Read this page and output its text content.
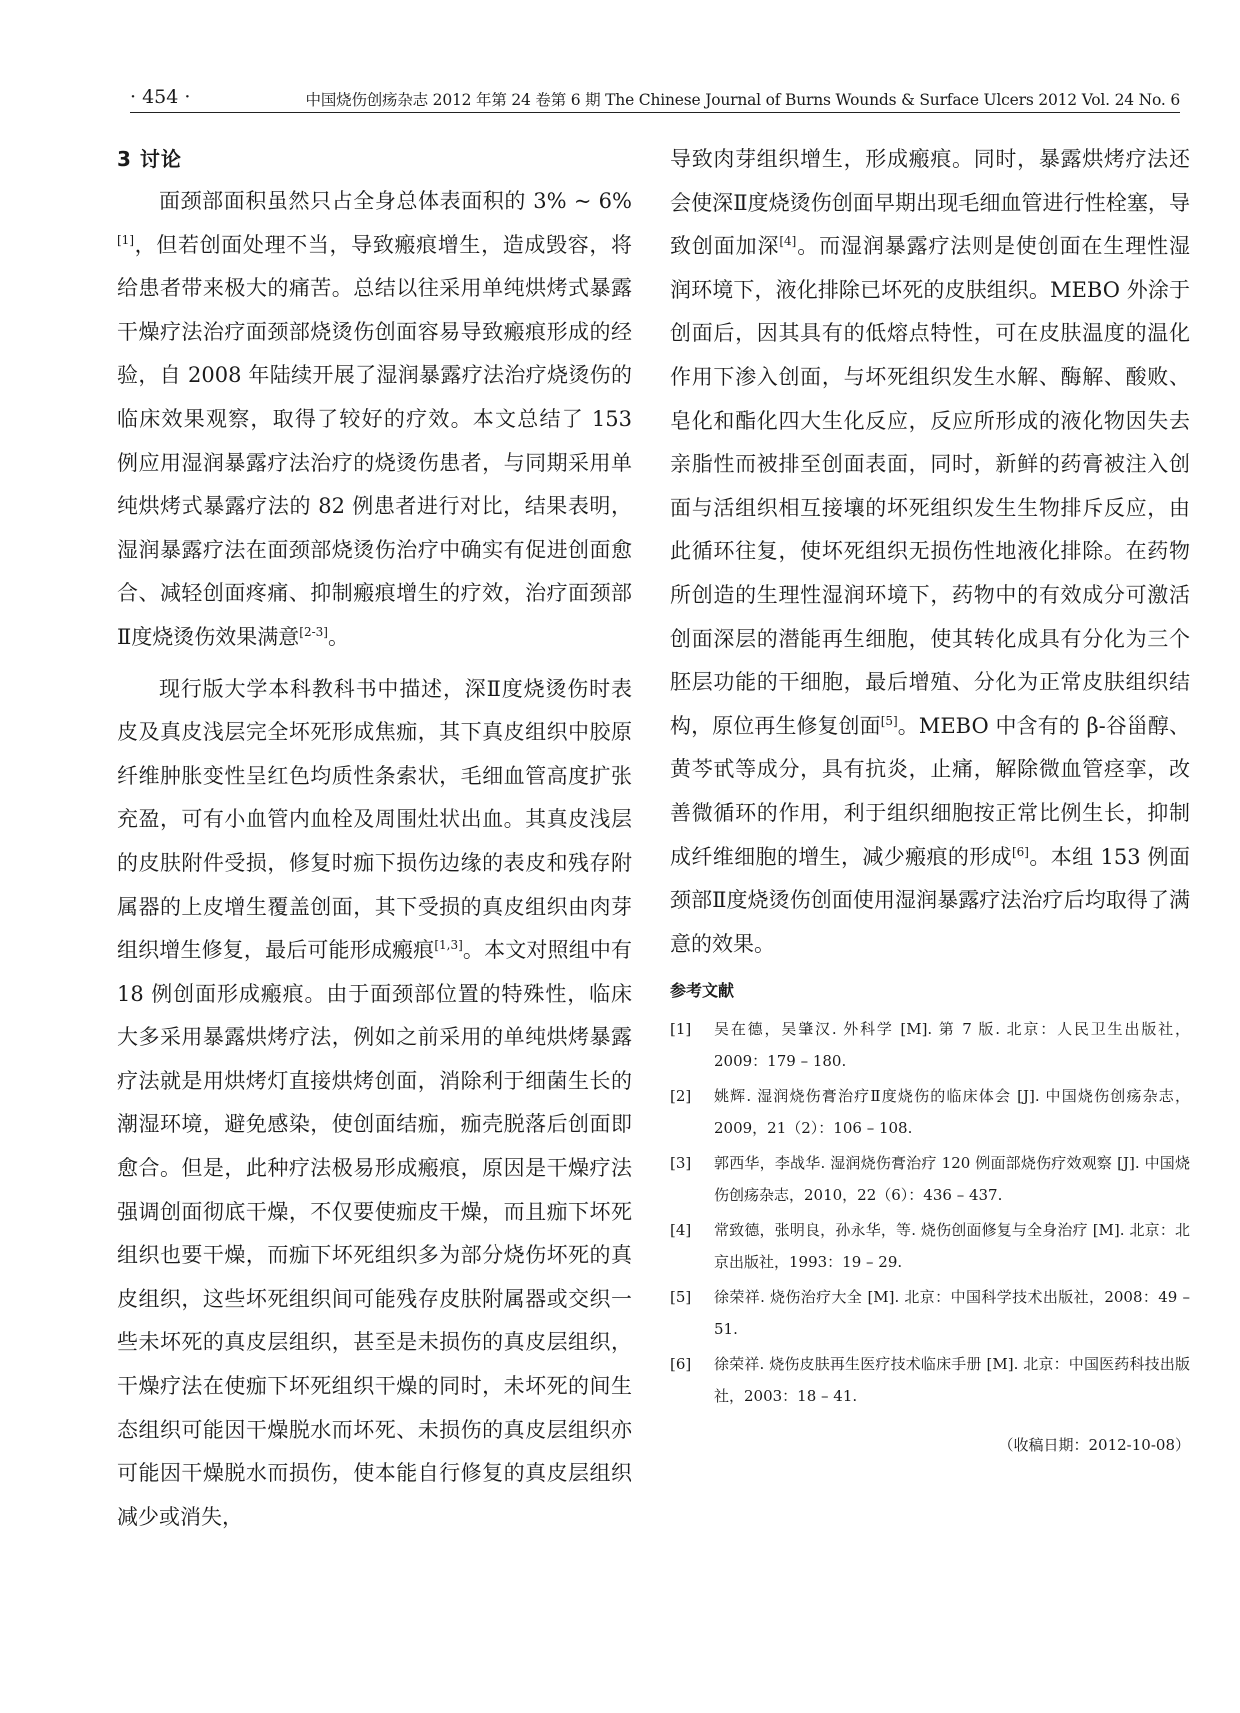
· 454 ·	中国烧伤创疡杂志 2012 年第 24 卷第 6 期 The Chinese Journal of Burns Wounds & Surface Ulcers 2012 Vol. 24 No. 6
3 讨论

面颈部面积虽然只占全身总体表面积的 3% ~ 6%[1]，但若创面处理不当，导致瘢痕增生，造成毁容，将给患者带来极大的痛苦。总结以往采用单纯烘烤式暴露干燥疗法治疗面颈部烧烫伤创面容易导致瘢痕形成的经验，自 2008 年陆续开展了湿润暴露疗法治疗烧烫伤的临床效果观察，取得了较好的疗效。本文总结了 153 例应用湿润暴露疗法治疗的烧烫伤患者，与同期采用单纯烘烤式暴露疗法的 82 例患者进行对比，结果表明，湿润暴露疗法在面颈部烧烫伤治疗中确实有促进创面愈合、减轻创面疼痛、抑制瘢痕增生的疗效，治疗面颈部Ⅱ度烧烫伤效果满意[2-3]。

现行版大学本科教科书中描述，深Ⅱ度烧烫伤时表皮及真皮浅层完全坏死形成焦痂，其下真皮组织中胶原纤维肿胀变性呈红色均质性条索状，毛细血管高度扩张充盈，可有小血管内血栓及周围灶状出血。其真皮浅层的皮肤附件受损，修复时痂下损伤边缘的表皮和残存附属器的上皮增生覆盖创面，其下受损的真皮组织由肉芽组织增生修复，最后可能形成瘢痕[1,3]。本文对照组中有 18 例创面形成瘢痕。由于面颈部位置的特殊性，临床大多采用暴露烘烤疗法，例如之前采用的单纯烘烤暴露疗法就是用烘烤灯直接烘烤创面，消除利于细菌生长的潮湿环境，避免感染，使创面结痂，痂壳脱落后创面即愈合。但是，此种疗法极易形成瘢痕，原因是干燥疗法强调创面彻底干燥，不仅要使痂皮干燥，而且痂下坏死组织也要干燥，而痂下坏死组织多为部分烧伤坏死的真皮组织，这些坏死组织间可能残存皮肤附属器或交织一些未坏死的真皮层组织，甚至是未损伤的真皮层组织，干燥疗法在使痂下坏死组织干燥的同时，未坏死的间生态组织可能因干燥脱水而坏死、未损伤的真皮层组织亦可能因干燥脱水而损伤，使本能自行修复的真皮层组织减少或消失，

导致肉芽组织增生，形成瘢痕。同时，暴露烘烤疗法还会使深Ⅱ度烧烫伤创面早期出现毛细血管进行性栓塞，导致创面加深[4]。而湿润暴露疗法则是使创面在生理性湿润环境下，液化排除已坏死的皮肤组织。MEBO 外涂于创面后，因其具有的低熔点特性，可在皮肤温度的温化作用下渗入创面，与坏死组织发生水解、酶解、酸败、皂化和酯化四大生化反应，反应所形成的液化物因失去亲脂性而被排至创面表面，同时，新鲜的药膏被注入创面与活组织相互接壤的坏死组织发生生物排斥反应，由此循环往复，使坏死组织无损伤性地液化排除。在药物所创造的生理性湿润环境下，药物中的有效成分可激活创面深层的潜能再生细胞，使其转化成具有分化为三个胚层功能的干细胞，最后增殖、分化为正常皮肤组织结构，原位再生修复创面[5]。MEBO 中含有的 β-谷甾醇、黄芩甙等成分，具有抗炎，止痛，解除微血管痉挛，改善微循环的作用，利于组织细胞按正常比例生长，抑制成纤维细胞的增生，减少瘢痕的形成[6]。本组 153 例面颈部Ⅱ度烧烫伤创面使用湿润暴露疗法治疗后均取得了满意的效果。

参考文献
[1]	吴在德，吴肇汉. 外科学 [M]. 第 7 版. 北京：人民卫生出版社，2009：179 – 180.
[2]	姚辉. 湿润烧伤膏治疗Ⅱ度烧伤的临床体会 [J]. 中国烧伤创疡杂志，2009，21（2）：106 – 108.
[3]	郭西华，李战华. 湿润烧伤膏治疗 120 例面部烧伤疗效观察 [J]. 中国烧伤创疡杂志，2010，22（6）：436 – 437.
[4]	常致德，张明良，孙永华，等. 烧伤创面修复与全身治疗 [M]. 北京：北京出版社，1993：19 – 29.
[5]	徐荣祥. 烧伤治疗大全 [M]. 北京：中国科学技术出版社，2008：49 – 51.
[6]	徐荣祥. 烧伤皮肤再生医疗技术临床手册 [M]. 北京：中国医药科技出版社，2003：18 – 41.
（收稿日期：2012-10-08）
